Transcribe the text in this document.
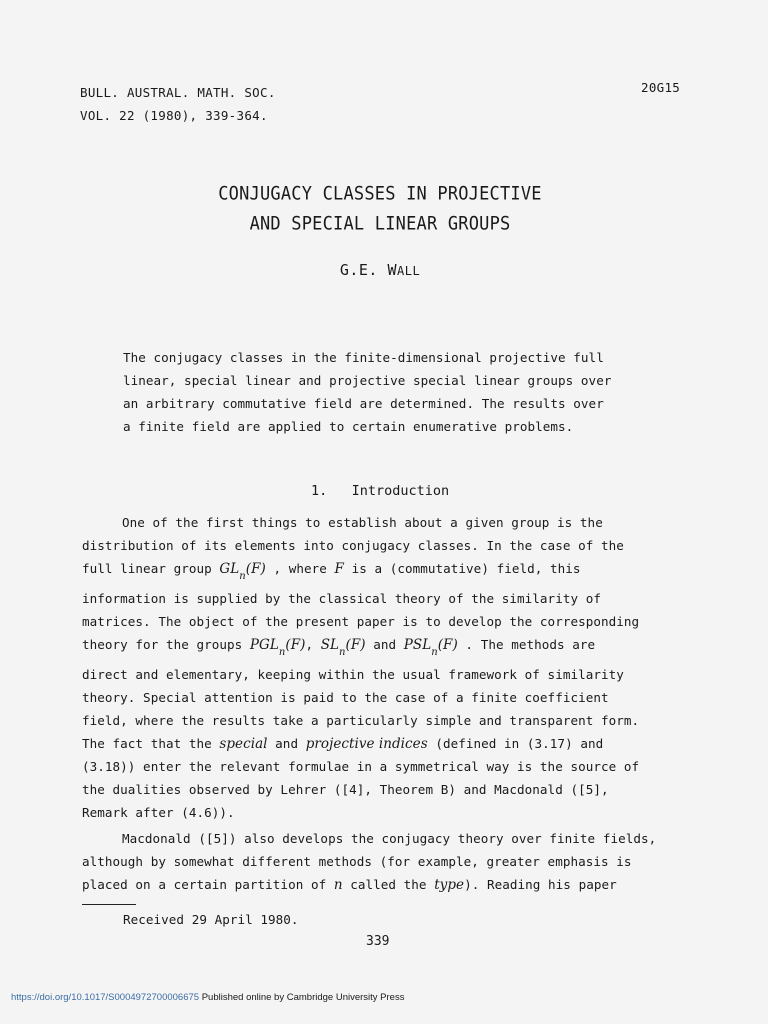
BULL. AUSTRAL. MATH. SOC.
VOL. 22 (1980), 339-364.
20G15
CONJUGACY CLASSES IN PROJECTIVE
AND SPECIAL LINEAR GROUPS
G.E. WALL
The conjugacy classes in the finite-dimensional projective full
linear, special linear and projective special linear groups over
an arbitrary commutative field are determined. The results over
a finite field are applied to certain enumerative problems.
1. Introduction
One of the first things to establish about a given group is the
distribution of its elements into conjugacy classes. In the case of the
full linear group $GL_n(F)$ , where F is a (commutative) field, this
information is supplied by the classical theory of the similarity of
matrices. The object of the present paper is to develop the corresponding
theory for the groups $PGL_n(F)$, $SL_n(F)$ and $PSL_n(F)$ . The methods are
direct and elementary, keeping within the usual framework of similarity
theory. Special attention is paid to the case of a finite coefficient
field, where the results take a particularly simple and transparent form.
The fact that the special and projective indices (defined in (3.17) and
(3.18)) enter the relevant formulae in a symmetrical way is the source of
the dualities observed by Lehrer ([4], Theorem B) and Macdonald ([5],
Remark after (4.6)).
Macdonald ([5]) also develops the conjugacy theory over finite fields,
although by somewhat different methods (for example, greater emphasis is
placed on a certain partition of n called the type). Reading his paper
Received 29 April 1980.
339
https://doi.org/10.1017/S0004972700006675 Published online by Cambridge University Press
